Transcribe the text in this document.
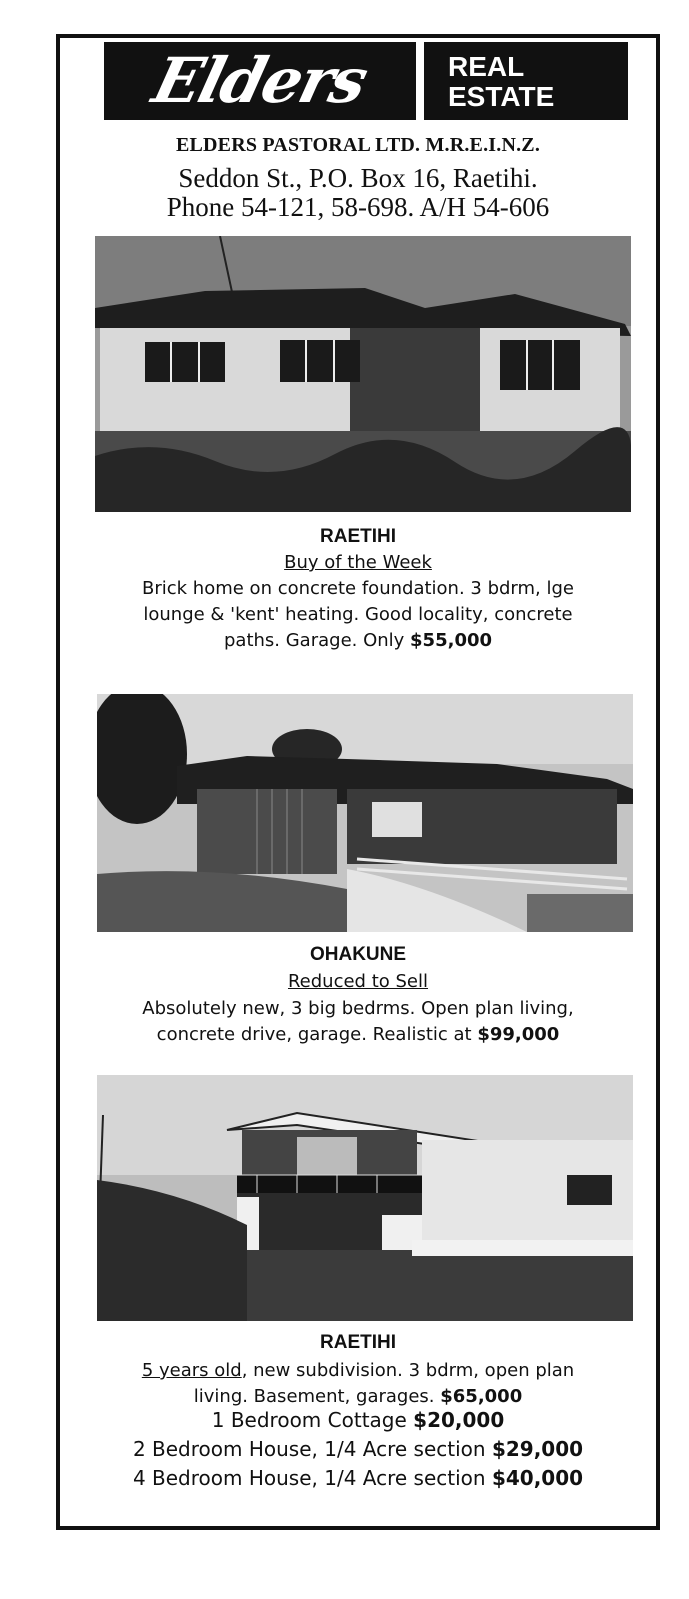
Elders	REAL
ESTATE
ELDERS PASTORAL LTD. M.R.E.I.N.Z.
Seddon St., P.O. Box 16, Raetihi.
Phone 54-121, 58-698. A/H 54-606
RAETIHI
Buy of the Week
Brick home on concrete foundation. 3 bdrm, lge
lounge & 'kent' heating. Good locality, concrete
paths. Garage. Only $55,000
OHAKUNE
Reduced to Sell
Absolutely new, 3 big bedrms. Open plan living,
concrete drive, garage. Realistic at $99,000
RAETIHI
5 years old, new subdivision. 3 bdrm, open plan
living. Basement, garages. $65,000
1 Bedroom Cottage $20,000
2 Bedroom House, 1/4 Acre section $29,000
4 Bedroom House, 1/4 Acre section $40,000
